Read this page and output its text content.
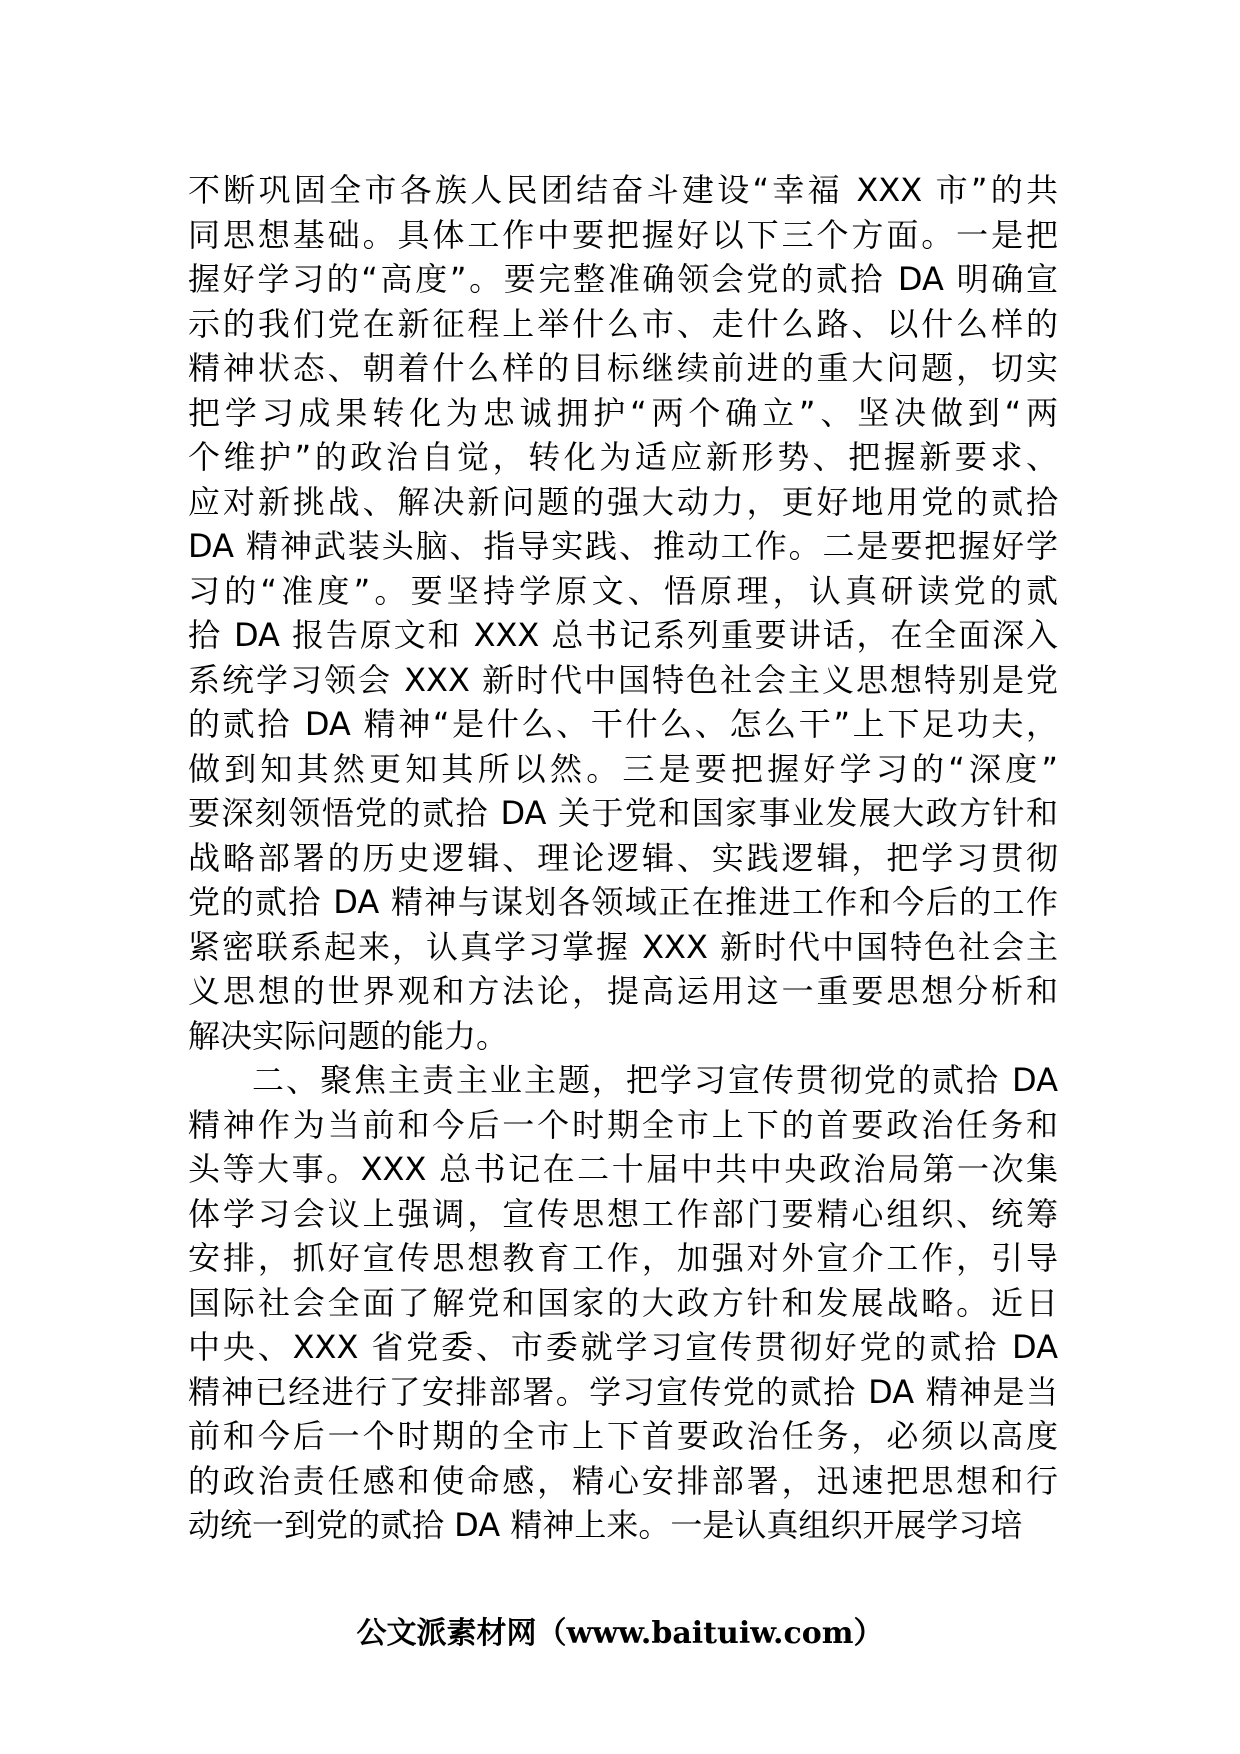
不断巩固全市各族人民团结奋斗建设“幸福 XXX 市”的共
同思想基础。具体工作中要把握好以下三个方面。一是把
握好学习的“高度”。要完整准确领会党的贰拾 DA 明确宣
示的我们党在新征程上举什么市、走什么路、以什么样的
精神状态、朝着什么样的目标继续前进的重大问题，切实
把学习成果转化为忠诚拥护“两个确立”、坚决做到“两
个维护”的政治自觉，转化为适应新形势、把握新要求、
应对新挑战、解决新问题的强大动力，更好地用党的贰拾
DA 精神武装头脑、指导实践、推动工作。二是要把握好学
习的“准度”。要坚持学原文、悟原理，认真研读党的贰
拾 DA 报告原文和 XXX 总书记系列重要讲话，在全面深入
系统学习领会 XXX 新时代中国特色社会主义思想特别是党
的贰拾 DA 精神“是什么、干什么、怎么干”上下足功夫，
做到知其然更知其所以然。三是要把握好学习的“深度”
要深刻领悟党的贰拾 DA 关于党和国家事业发展大政方针和
战略部署的历史逻辑、理论逻辑、实践逻辑，把学习贯彻
党的贰拾 DA 精神与谋划各领域正在推进工作和今后的工作
紧密联系起来，认真学习掌握 XXX 新时代中国特色社会主
义思想的世界观和方法论，提高运用这一重要思想分析和
解决实际问题的能力。
二、聚焦主责主业主题，把学习宣传贯彻党的贰拾 DA
精神作为当前和今后一个时期全市上下的首要政治任务和
头等大事。XXX 总书记在二十届中共中央政治局第一次集
体学习会议上强调，宣传思想工作部门要精心组织、统筹
安排，抓好宣传思想教育工作，加强对外宣介工作，引导
国际社会全面了解党和国家的大政方针和发展战略。近日
中央、XXX 省党委、市委就学习宣传贯彻好党的贰拾 DA
精神已经进行了安排部署。学习宣传党的贰拾 DA 精神是当
前和今后一个时期的全市上下首要政治任务，必须以高度
的政治责任感和使命感，精心安排部署，迅速把思想和行
动统一到党的贰拾 DA 精神上来。一是认真组织开展学习培
公文派素材网（www.baituiw.com）
